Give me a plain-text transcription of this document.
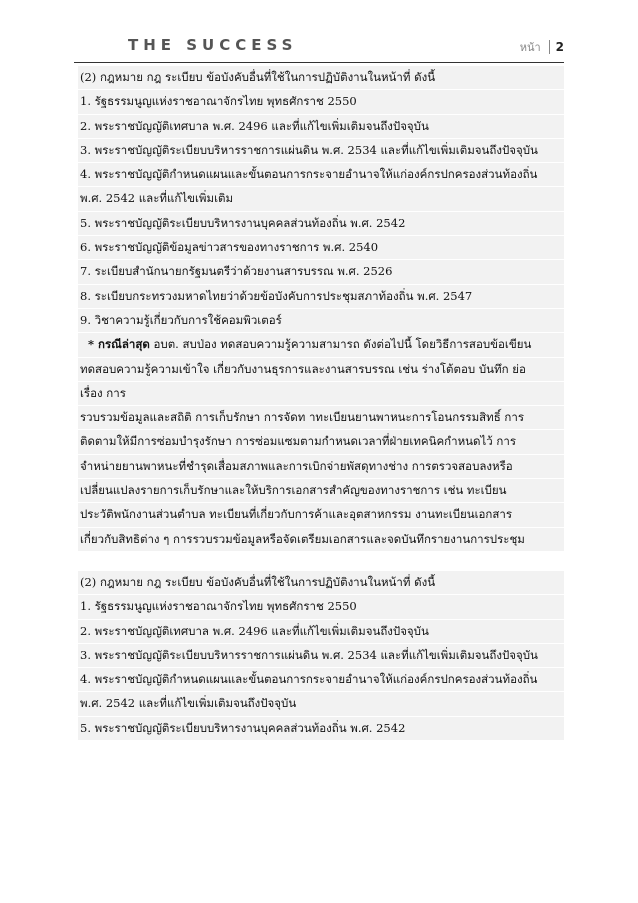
THE SUCCESS	หน้า 2
(2) กฎหมาย กฎ ระเบียบ ข้อบังคับอื่นที่ใช้ในการปฏิบัติงานในหน้าที่ ดังนี้
1. รัฐธรรมนูญแห่งราชอาณาจักรไทย พุทธศักราช 2550
2. พระราชบัญญัติเทศบาล พ.ศ. 2496 และที่แก้ไขเพิ่มเติมจนถึงปัจจุบัน
3. พระราชบัญญัติระเบียบบริหารราชการแผ่นดิน พ.ศ. 2534 และที่แก้ไขเพิ่มเติมจนถึงปัจจุบัน
4. พระราชบัญญัติกำหนดแผนและขั้นตอนการกระจายอำนาจให้แก่องค์กรปกครองส่วนท้องถิ่น
พ.ศ. 2542 และที่แก้ไขเพิ่มเติม
5. พระราชบัญญัติระเบียบบริหารงานบุคคลส่วนท้องถิ่น พ.ศ. 2542
6. พระราชบัญญัติข้อมูลข่าวสารของทางราชการ พ.ศ. 2540
7. ระเบียบสำนักนายกรัฐมนตรีว่าด้วยงานสารบรรณ พ.ศ. 2526
8. ระเบียบกระทรวงมหาดไทยว่าด้วยข้อบังคับการประชุมสภาท้องถิ่น พ.ศ. 2547
9. วิชาความรู้เกี่ยวกับการใช้คอมพิวเตอร์
* กรณีล่าสุด อบต. สบป่อง ทดสอบความรู้ความสามารถ ดังต่อไปนี้ โดยวิธีการสอบข้อเขียน
ทดสอบความรู้ความเข้าใจ เกี่ยวกับงานธุรการและงานสารบรรณ เช่น ร่างโต้ตอบ บันทึก ย่อ
เรื่อง การ
รวบรวมข้อมูลและสถิติ การเก็บรักษา การจัดท าทะเบียนยานพาหนะการโอนกรรมสิทธิ์ การ
ติดตามให้มีการซ่อมบำรุงรักษา การซ่อมแซมตามกำหนดเวลาที่ฝ่ายเทคนิคกำหนดไว้ การ
จำหน่ายยานพาหนะที่ชำรุดเสื่อมสภาพและการเบิกจ่ายพัสดุทางช่าง การตรวจสอบลงหรือ
เปลี่ยนแปลงรายการเก็บรักษาและให้บริการเอกสารสำคัญของทางราชการ เช่น ทะเบียน
ประวัติพนักงานส่วนตำบล ทะเบียนที่เกี่ยวกับการค้าและอุตสาหกรรม งานทะเบียนเอกสาร
เกี่ยวกับสิทธิต่าง ๆ การรวบรวมข้อมูลหรือจัดเตรียมเอกสารและจดบันทึกรายงานการประชุม
(2) กฎหมาย กฎ ระเบียบ ข้อบังคับอื่นที่ใช้ในการปฏิบัติงานในหน้าที่ ดังนี้
1. รัฐธรรมนูญแห่งราชอาณาจักรไทย พุทธศักราช 2550
2. พระราชบัญญัติเทศบาล พ.ศ. 2496 และที่แก้ไขเพิ่มเติมจนถึงปัจจุบัน
3. พระราชบัญญัติระเบียบบริหารราชการแผ่นดิน พ.ศ. 2534 และที่แก้ไขเพิ่มเติมจนถึงปัจจุบัน
4. พระราชบัญญัติกำหนดแผนและขั้นตอนการกระจายอำนาจให้แก่องค์กรปกครองส่วนท้องถิ่น
พ.ศ. 2542 และที่แก้ไขเพิ่มเติมจนถึงปัจจุบัน
5. พระราชบัญญัติระเบียบบริหารงานบุคคลส่วนท้องถิ่น พ.ศ. 2542
